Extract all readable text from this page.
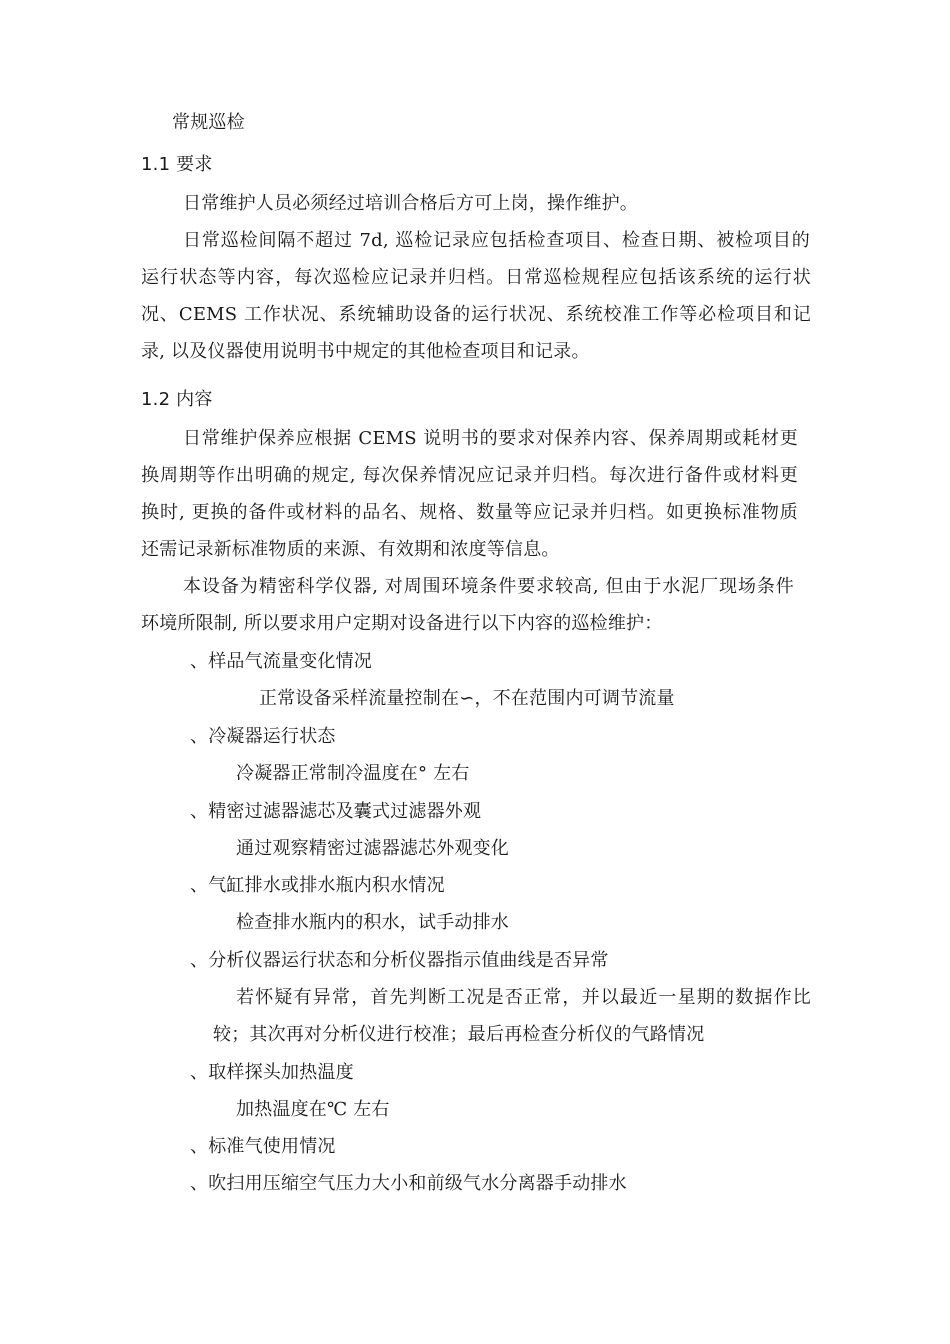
常规巡检
1.1 要求
日常维护人员必须经过培训合格后方可上岗，操作维护。
日常巡检间隔不超过 7d, 巡检记录应包括检查项目、检查日期、被检项目的
运行状态等内容，每次巡检应记录并归档。日常巡检规程应包括该系统的运行状
况、CEMS 工作状况、系统辅助设备的运行状况、系统校准工作等必检项目和记
录, 以及仪器使用说明书中规定的其他检查项目和记录。
1.2 内容
日常维护保养应根据 CEMS 说明书的要求对保养内容、保养周期或耗材更
换周期等作出明确的规定, 每次保养情况应记录并归档。每次进行备件或材料更
换时, 更换的备件或材料的品名、规格、数量等应记录并归档。如更换标准物质
还需记录新标准物质的来源、有效期和浓度等信息。
本设备为精密科学仪器, 对周围环境条件要求较高, 但由于水泥厂现场条件
环境所限制, 所以要求用户定期对设备进行以下内容的巡检维护：
、样品气流量变化情况
正常设备采样流量控制在∽，不在范围内可调节流量
、冷凝器运行状态
冷凝器正常制冷温度在° 左右
、精密过滤器滤芯及囊式过滤器外观
通过观察精密过滤器滤芯外观变化
、气缸排水或排水瓶内积水情况
检查排水瓶内的积水，试手动排水
、分析仪器运行状态和分析仪器指示值曲线是否异常
若怀疑有异常，首先判断工况是否正常，并以最近一星期的数据作比
较；其次再对分析仪进行校准；最后再检查分析仪的气路情况
、取样探头加热温度
加热温度在℃ 左右
、标准气使用情况
、吹扫用压缩空气压力大小和前级气水分离器手动排水
